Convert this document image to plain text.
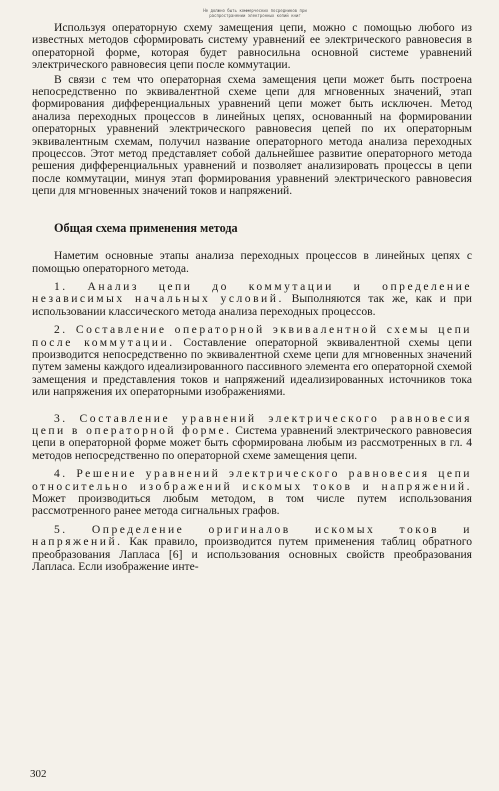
Не должно быть коммерческих посредников при
распространении электронных копий книг

Используя операторную схему замещения цепи, можно с помощью любого из известных методов сформировать систему уравнений ее электрического равновесия в операторной форме, которая будет равносильна основной системе уравнений электрического равновесия цепи после коммутации.

В связи с тем что операторная схема замещения цепи может быть построена непосредственно по эквивалентной схеме цепи для мгновенных значений, этап формирования дифференциальных уравнений цепи может быть исключен. Метод анализа переходных процессов в линейных цепях, основанный на формировании операторных уравнений электрического равновесия цепей по их операторным эквивалентным схемам, получил название операторного метода анализа переходных процессов. Этот метод представляет собой дальнейшее развитие операторного метода решения дифференциальных уравнений и позволяет анализировать процессы в цепи после коммутации, минуя этап формирования уравнений электрического равновесия цепи для мгновенных значений токов и напряжений.

Общая схема применения метода

Наметим основные этапы анализа переходных процессов в линейных цепях с помощью операторного метода.

1. Анализ цепи до коммутации и определение независимых начальных условий. Выполняются так же, как и при использовании классического метода анализа переходных процессов.

2. Составление операторной эквивалентной схемы цепи после коммутации. Составление операторной эквивалентной схемы цепи производится непосредственно по эквивалентной схеме цепи для мгновенных значений путем замены каждого идеализированного пассивного элемента его операторной схемой замещения и представления токов и напряжений идеализированных источников тока или напряжения их операторными изображениями.

3. Составление уравнений электрического равновесия цепи в операторной форме. Система уравнений электрического равновесия цепи в операторной форме может быть сформирована любым из рассмотренных в гл. 4 методов непосредственно по операторной схеме замещения цепи.

4. Решение уравнений электрического равновесия цепи относительно изображений искомых токов и напряжений. Может производиться любым методом, в том числе путем использования рассмотренного ранее метода сигнальных графов.

5. Определение оригиналов искомых токов и напряжений. Как правило, производится путем применения таблиц обратного преобразования Лапласа [6] и использования основных свойств преобразования Лапласа. Если изображение инте-

302
